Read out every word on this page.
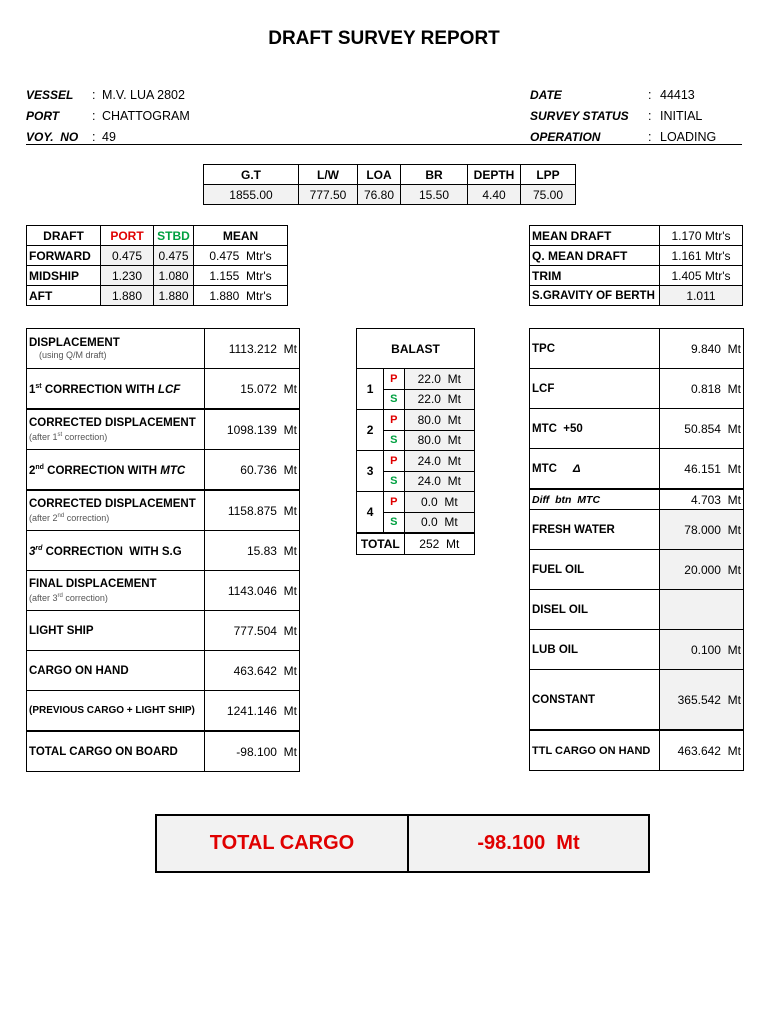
DRAFT SURVEY REPORT
VESSEL	: M.V. LUA 2802
PORT	: CHATTOGRAM
VOY.  NO	: 49
DATE	: 44413
SURVEY STATUS	: INITIAL
OPERATION	: LOADING
G.T	L/W	LOA	BR	DEPTH	LPP
1855.00	777.50	76.80	15.50	4.40	75.00
DRAFT	PORT	STBD	MEAN
FORWARD	0.475	0.475	0.475 Mtr's
MIDSHIP	1.230	1.080	1.155 Mtr's
AFT	1.880	1.880	1.880 Mtr's
MEAN DRAFT	1.170 Mtr's
Q. MEAN DRAFT	1.161 Mtr's
TRIM	1.405 Mtr's
S.GRAVITY OF BERTH	1.011
DISPLACEMENT
(using Q/M draft)	1113.212 Mt
1st CORRECTION WITH LCF	15.072 Mt
CORRECTED DISPLACEMENT
(after 1st correction)	1098.139 Mt
2nd CORRECTION WITH MTC	60.736 Mt
CORRECTED DISPLACEMENT
(after 2nd correction)	1158.875 Mt
3rd CORRECTION  WITH S.G	15.83 Mt
FINAL DISPLACEMENT
(after 3rd correction)	1143.046 Mt
LIGHT SHIP	777.504 Mt
CARGO ON HAND	463.642 Mt
(PREVIOUS CARGO + LIGHT SHIP)	1241.146 Mt
TOTAL CARGO ON BOARD	-98.100 Mt
BALAST		
1	P	22.0  Mt
	S	22.0  Mt
2	P	80.0  Mt
	S	80.0  Mt
3	P	24.0  Mt
	S	24.0  Mt
4	P	0.0  Mt
	S	0.0  Mt
TOTAL		252  Mt
TPC	9.840 Mt
LCF	0.818 Mt
MTC  +50	50.854 Mt
MTC Δ	46.151 Mt
Diff  btn  MTC	4.703 Mt
FRESH WATER	78.000 Mt
FUEL OIL	20.000 Mt
DISEL OIL	
LUB OIL	0.100 Mt
CONSTANT	365.542 Mt
TTL CARGO ON HAND	463.642 Mt
TOTAL CARGO	-98.100  Mt
